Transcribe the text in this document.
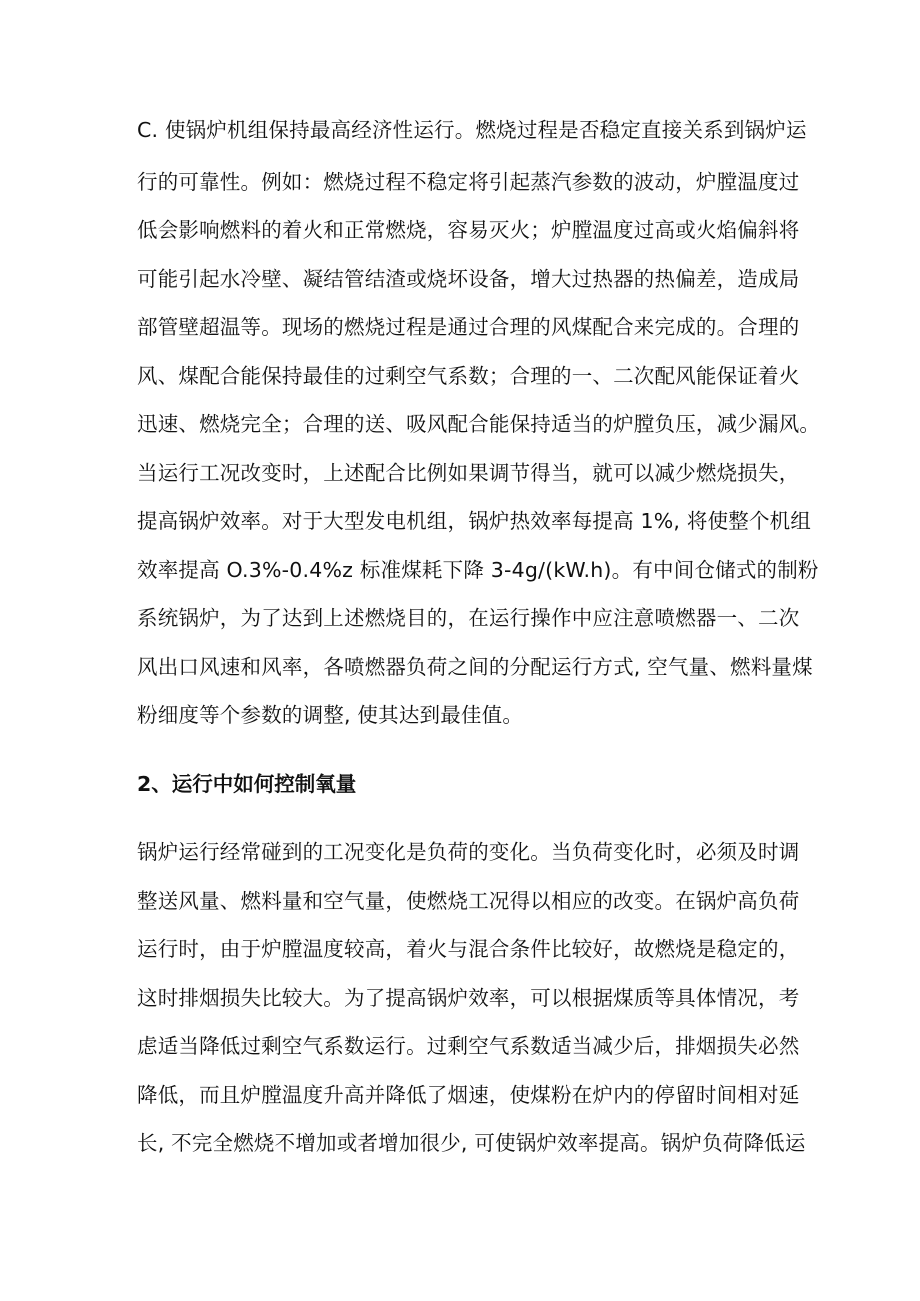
C. 使锅炉机组保持最高经济性运行。燃烧过程是否稳定直接关系到锅炉运
行的可靠性。例如：燃烧过程不稳定将引起蒸汽参数的波动，炉膛温度过
低会影响燃料的着火和正常燃烧，容易灭火；炉膛温度过高或火焰偏斜将
可能引起水冷壁、凝结管结渣或烧坏设备，增大过热器的热偏差，造成局
部管壁超温等。现场的燃烧过程是通过合理的风煤配合来完成的。合理的
风、煤配合能保持最佳的过剩空气系数；合理的一、二次配风能保证着火
迅速、燃烧完全；合理的送、吸风配合能保持适当的炉膛负压，减少漏风。
当运行工况改变时，上述配合比例如果调节得当，就可以减少燃烧损失，
提高锅炉效率。对于大型发电机组，锅炉热效率每提高 1%, 将使整个机组
效率提高 O.3%-0.4%z 标准煤耗下降 3-4g/(kW.h)。有中间仓储式的制粉
系统锅炉，为了达到上述燃烧目的，在运行操作中应注意喷燃器一、二次
风出口风速和风率，各喷燃器负荷之间的分配运行方式, 空气量、燃料量煤
粉细度等个参数的调整, 使其达到最佳值。
2、运行中如何控制氧量
锅炉运行经常碰到的工况变化是负荷的变化。当负荷变化时，必须及时调
整送风量、燃料量和空气量，使燃烧工况得以相应的改变。在锅炉高负荷
运行时，由于炉膛温度较高，着火与混合条件比较好，故燃烧是稳定的，
这时排烟损失比较大。为了提高锅炉效率，可以根据煤质等具体情况，考
虑适当降低过剩空气系数运行。过剩空气系数适当减少后，排烟损失必然
降低，而且炉膛温度升高并降低了烟速，使煤粉在炉内的停留时间相对延
长, 不完全燃烧不增加或者增加很少, 可使锅炉效率提高。锅炉负荷降低运
